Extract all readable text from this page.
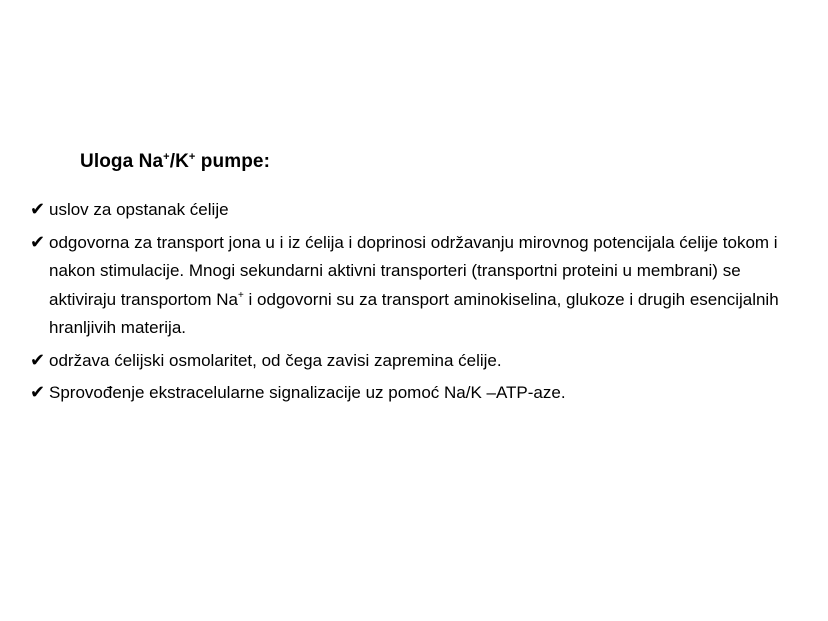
Uloga Na+/K+ pumpe:
✔ uslov za opstanak ćelije
✔ odgovorna za transport jona u i iz ćelija i doprinosi održavanju mirovnog potencijala ćelije tokom i nakon stimulacije. Mnogi sekundarni aktivni transporteri (transportni proteini u membrani) se aktiviraju transportom Na+ i odgovorni su za transport aminokiselina, glukoze i drugih esencijalnih hranljivih materija.
✔ održava ćelijski osmolaritet, od čega zavisi zapremina ćelije.
✔ Sprovođenje ekstracelularne signalizacije uz pomoć Na/K –ATP-aze.
